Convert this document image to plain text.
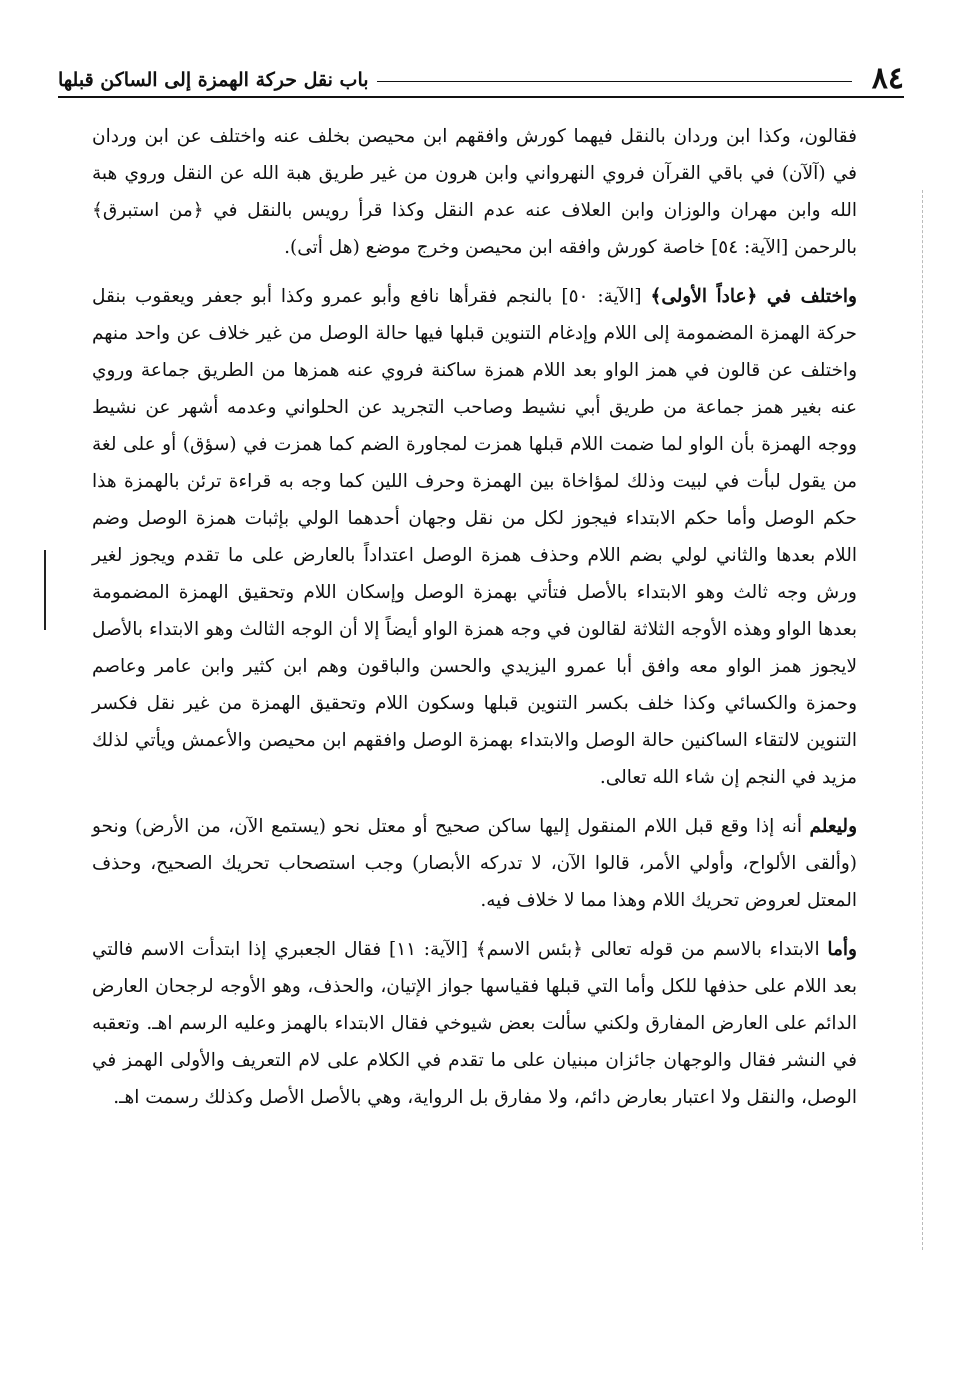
٨٤
باب نقل حركة الهمزة إلى الساكن قبلها

فقالون، وكذا ابن وردان بالنقل فيهما كورش وافقهم ابن محيصن بخلف عنه واختلف عن ابن وردان في (آلآن) في باقي القرآن فروي النهرواني وابن هرون من غير طريق هبة الله عن النقل وروي هبة الله وابن مهران والوزان وابن العلاف عنه عدم النقل وكذا قرأ رويس بالنقل في ﴿من استبرق﴾ بالرحمن [الآية: ٥٤] خاصة كورش وافقه ابن محيصن وخرج موضع (هل أتى).

واختلف في ﴿عاداً الأولى﴾ [الآية: ٥٠] بالنجم فقرأها نافع وأبو عمرو وكذا أبو جعفر ويعقوب بنقل حركة الهمزة المضمومة إلى اللام وإدغام التنوين قبلها فيها حالة الوصل من غير خلاف عن واحد منهم واختلف عن قالون في همز الواو بعد اللام همزة ساكنة فروي عنه همزها من الطريق جماعة وروي عنه بغير همز جماعة من طريق أبي نشيط وصاحب التجريد عن الحلواني وعدمه أشهر عن نشيط ووجه الهمزة بأن الواو لما ضمت اللام قبلها همزت لمجاورة الضم كما همزت في (سؤق) أو على لغة من يقول لبأت في لبيت وذلك لمؤاخاة بين الهمزة وحرف اللين كما وجه به قراءة ترئن بالهمزة هذا حكم الوصل وأما حكم الابتداء فيجوز لكل من نقل وجهان أحدهما الولي بإثبات همزة الوصل وضم اللام بعدها والثاني لولي بضم اللام وحذف همزة الوصل اعتداداً بالعارض على ما تقدم ويجوز لغير ورش وجه ثالث وهو الابتداء بالأصل فتأتي بهمزة الوصل وإسكان اللام وتحقيق الهمزة المضمومة بعدها الواو وهذه الأوجه الثلاثة لقالون في وجه همزة الواو أيضاً إلا أن الوجه الثالث وهو الابتداء بالأصل لايجوز همز الواو معه وافق أبا عمرو اليزيدي والحسن والباقون وهم ابن كثير وابن عامر وعاصم وحمزة والكسائي وكذا خلف بكسر التنوين قبلها وسكون اللام وتحقيق الهمزة من غير نقل فكسر التنوين لالتقاء الساكنين حالة الوصل والابتداء بهمزة الوصل وافقهم ابن محيصن والأعمش ويأتي لذلك مزيد في النجم إن شاء الله تعالى.

وليعلم أنه إذا وقع قبل اللام المنقول إليها ساكن صحيح أو معتل نحو (يستمع الآن، من الأرض) ونحو (وألقى الألواح، وأولي الأمر، قالوا الآن، لا تدركه الأبصار) وجب استصحاب تحريك الصحيح، وحذف المعتل لعروض تحريك اللام وهذا مما لا خلاف فيه.

وأما الابتداء بالاسم من قوله تعالى ﴿بئس الاسم﴾ [الآية: ١١] فقال الجعبري إذا ابتدأت الاسم فالتي بعد اللام على حذفها للكل وأما التي قبلها فقياسها جواز الإتيان، والحذف، وهو الأوجه لرجحان العارض الدائم على العارض المفارق ولكني سألت بعض شيوخي فقال الابتداء بالهمز وعليه الرسم اهـ. وتعقبه في النشر فقال والوجهان جائزان مبنيان على ما تقدم في الكلام على لام التعريف والأولى الهمز في الوصل، والنقل ولا اعتبار بعارض دائم، ولا مفارق بل الرواية، وهي بالأصل الأصل وكذلك رسمت اهـ.
